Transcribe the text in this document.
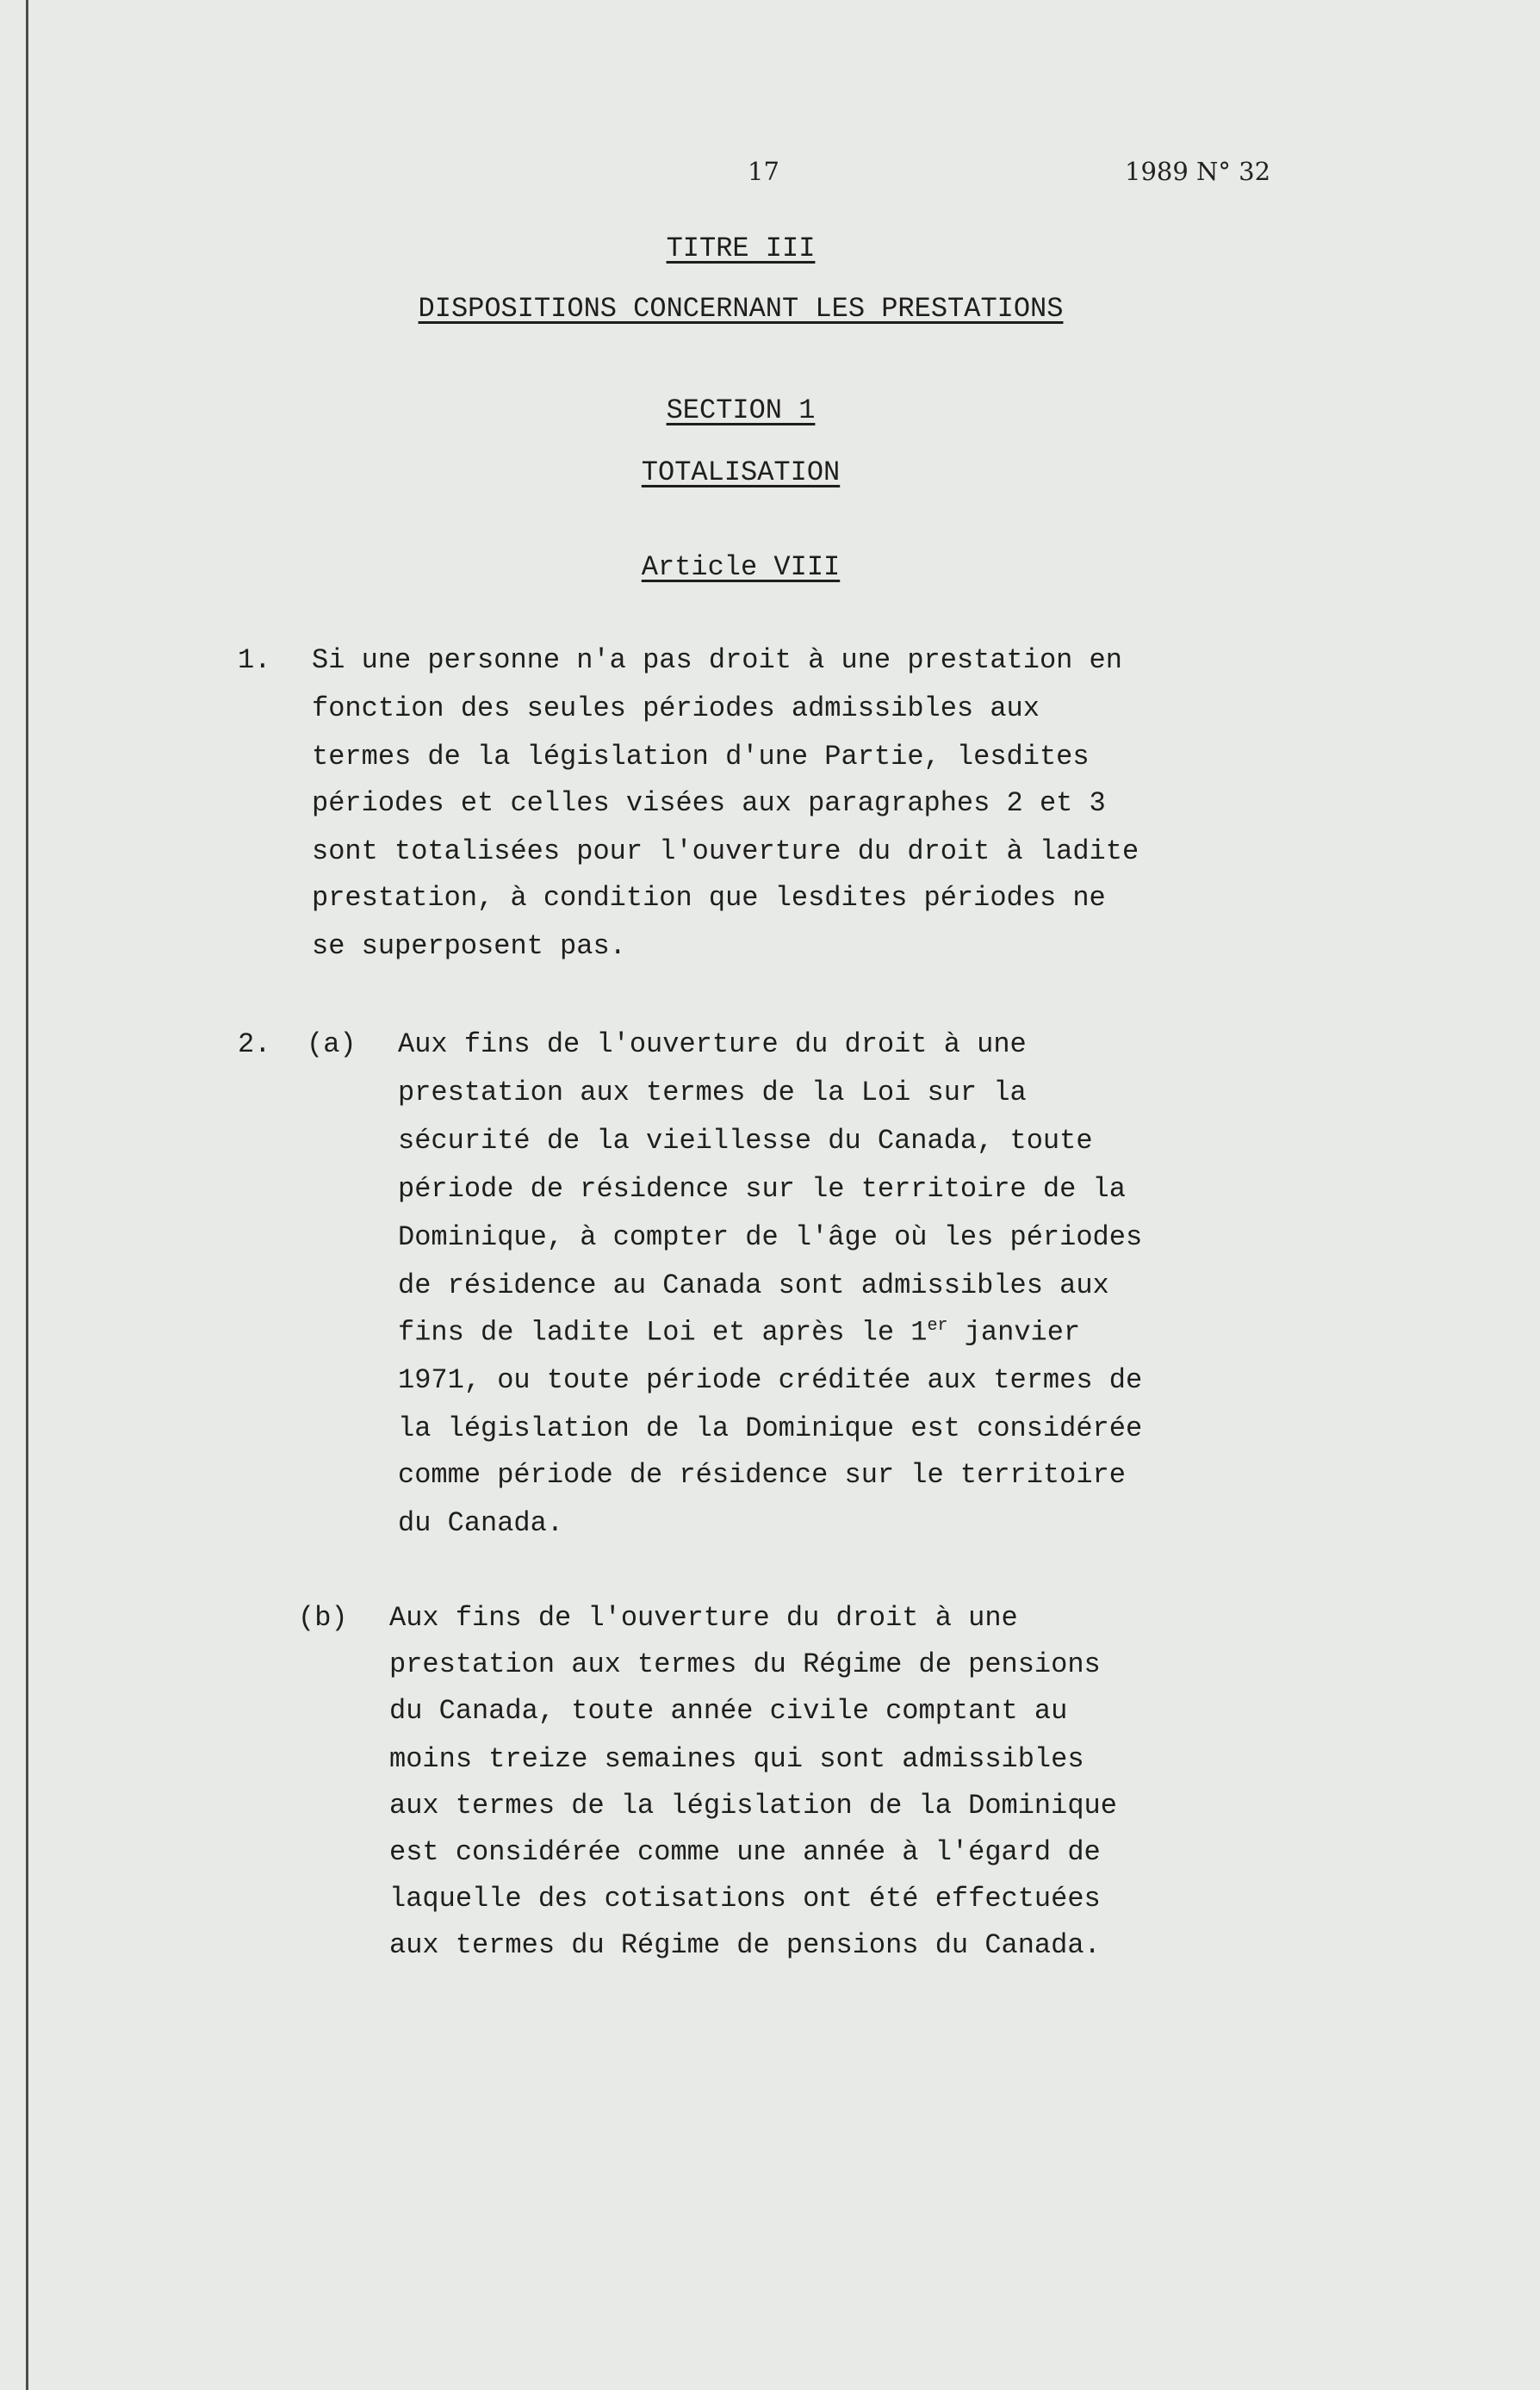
17	1989 N° 32
TITRE III
DISPOSITIONS CONCERNANT LES PRESTATIONS
SECTION 1
TOTALISATION
Article VIII
1. Si une personne n'a pas droit à une prestation en
fonction des seules périodes admissibles aux
termes de la législation d'une Partie, lesdites
périodes et celles visées aux paragraphes 2 et 3
sont totalisées pour l'ouverture du droit à ladite
prestation, à condition que lesdites périodes ne
se superposent pas.
2. (a) Aux fins de l'ouverture du droit à une
prestation aux termes de la Loi sur la
sécurité de la vieillesse du Canada, toute
période de résidence sur le territoire de la
Dominique, à compter de l'âge où les périodes
de résidence au Canada sont admissibles aux
fins de ladite Loi et après le 1er janvier
1971, ou toute période créditée aux termes de
la législation de la Dominique est considérée
comme période de résidence sur le territoire
du Canada.
(b) Aux fins de l'ouverture du droit à une
prestation aux termes du Régime de pensions
du Canada, toute année civile comptant au
moins treize semaines qui sont admissibles
aux termes de la législation de la Dominique
est considérée comme une année à l'égard de
laquelle des cotisations ont été effectuées
aux termes du Régime de pensions du Canada.
